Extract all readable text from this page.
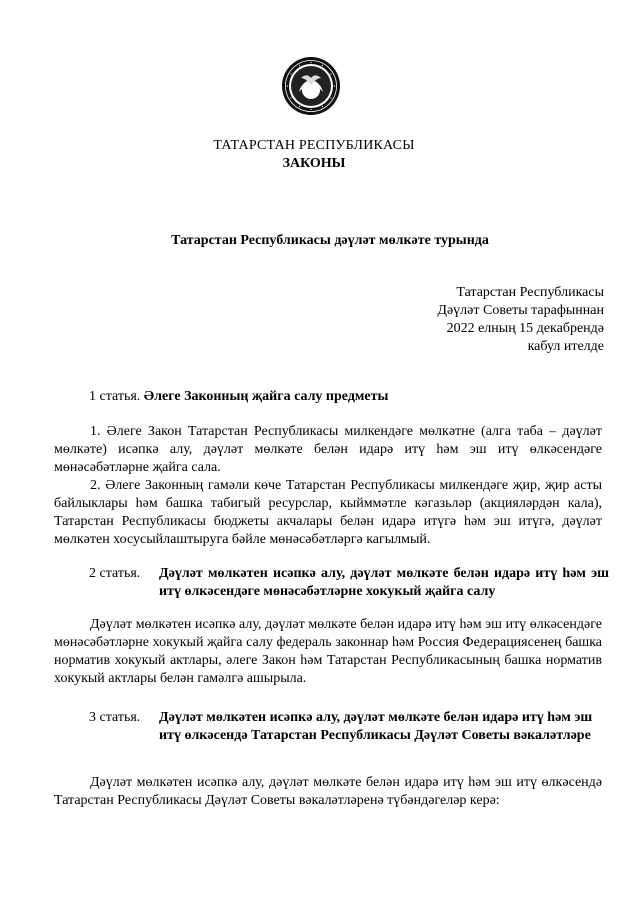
ТАТАРСТАН РЕСПУБЛИКАСЫ
ЗАКОНЫ
Татарстан Республикасы дәүләт мөлкәте турында
Татарстан Республикасы
Дәүләт Советы тарафыннан
2022 елның 15 декабрендә
кабул ителде
1 статья. Әлеге Законның җайга салу предметы
1. Әлеге Закон Татарстан Республикасы милкендәге мөлкәтне (алга таба – дәүләт мөлкәте) исәпкә алу, дәүләт мөлкәте белән идарә итү һәм эш итү өлкәсендәге мөнәсәбәтләрне җайга сала.
2. Әлеге Законның гамәли көче Татарстан Республикасы милкендәге җир, җир асты байлыклары һәм башка табигый ресурслар, кыйммәтле кәгазьләр (акцияләрдән кала), Татарстан Республикасы бюджеты акчалары белән идарә итүгә һәм эш итүгә, дәүләт мөлкәтен хосусыйлаштыруга бәйле мөнәсәбәтләргә кагылмый.
2 статья. Дәүләт мөлкәтен исәпкә алу, дәүләт мөлкәте белән идарә итү һәм эш итү өлкәсендәге мөнәсәбәтләрне хокукый җайга салу
Дәүләт мөлкәтен исәпкә алу, дәүләт мөлкәте белән идарә итү һәм эш итү өлкәсендәге мөнәсәбәтләрне хокукый җайга салу федераль законнар һәм Россия Федерациясенең башка норматив хокукый актлары, әлеге Закон һәм Татарстан Республикасының башка норматив хокукый актлары белән гамәлгә ашырыла.
3 статья. Дәүләт мөлкәтен исәпкә алу, дәүләт мөлкәте белән идарә итү һәм эш итү өлкәсендә Татарстан Республикасы Дәүләт Советы вәкаләтләре
Дәүләт мөлкәтен исәпкә алу, дәүләт мөлкәте белән идарә итү һәм эш итү өлкәсендә Татарстан Республикасы Дәүләт Советы вәкаләтләренә түбәндәгеләр керә:
